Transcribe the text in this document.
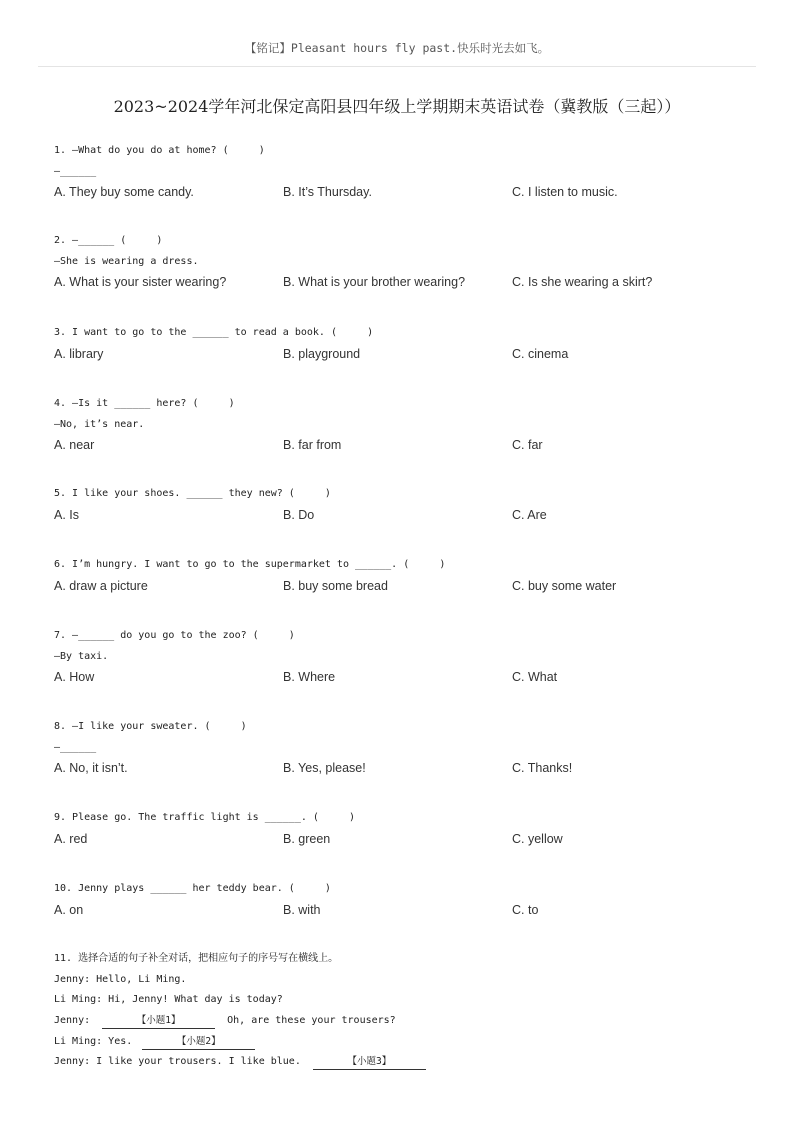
【铭记】Pleasant hours fly past.快乐时光去如飞。
2023~2024学年河北保定高阳县四年级上学期期末英语试卷（冀教版（三起））
1. —What do you do at home? (     )
—______
A. They buy some candy.	B. It’s Thursday.	C. I listen to music.
2. —______ (     )
—She is wearing a dress.
A. What is your sister wearing?	B. What is your brother wearing?	C. Is she wearing a skirt?
3. I want to go to the ______ to read a book. (     )
A. library	B. playground	C. cinema
4. —Is it ______ here? (     )
—No, it’s near.
A. near	B. far from	C. far
5. I like your shoes. ______ they new? (     )
A. Is	B. Do	C. Are
6. I’m hungry. I want to go to the supermarket to ______. (     )
A. draw a picture	B. buy some bread	C. buy some water
7. —______ do you go to the zoo? (     )
—By taxi.
A. How	B. Where	C. What
8. —I like your sweater. (     )
—______
A. No, it isn’t.	B. Yes, please!	C. Thanks!
9. Please go. The traffic light is ______. (     )
A. red	B. green	C. yellow
10. Jenny plays ______ her teddy bear. (     )
A. on	B. with	C. to
11. 选择合适的句子补全对话，把相应句子的序号写在横线上。
Jenny: Hello, Li Ming.
Li Ming: Hi, Jenny! What day is today?
Jenny:	【小题1】	Oh, are these your trousers?
Li Ming: Yes.	【小题2】
Jenny: I like your trousers. I like blue.	【小题3】
